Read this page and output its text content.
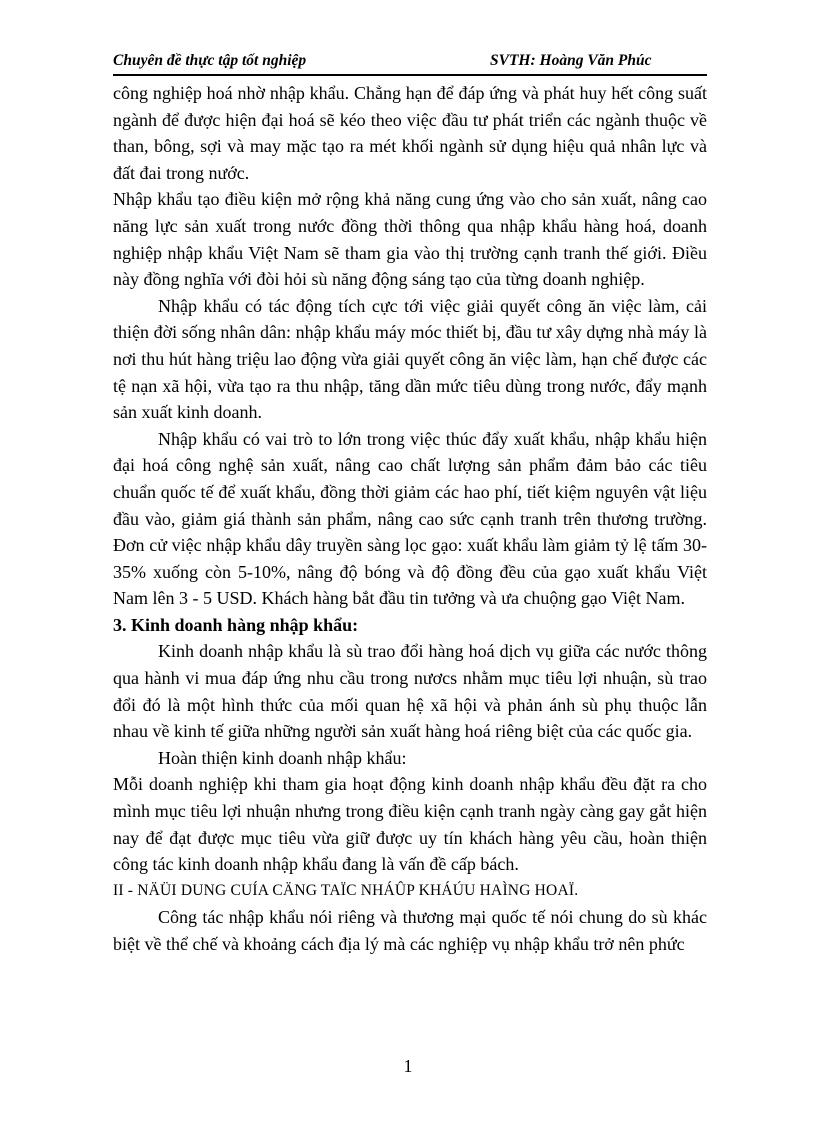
Chuyên đề thực tập tốt nghiệp	SVTH: Hoàng Văn Phúc

công nghiệp hoá nhờ nhập khẩu. Chẳng hạn để đáp ứng và phát huy hết công suất ngành để được hiện đại hoá sẽ kéo theo việc đầu tư phát triển các ngành thuộc về than, bông, sợi và may mặc tạo ra mét khối ngành sử dụng hiệu quả nhân lực và đất đai trong nước.

Nhập khẩu tạo điều kiện mở rộng khả năng cung ứng vào cho sản xuất, nâng cao năng lực sản xuất trong nước đồng thời thông qua nhập khẩu hàng hoá, doanh nghiệp nhập khẩu Việt Nam sẽ tham gia vào thị trường cạnh tranh thế giới. Điều này đồng nghĩa với đòi hỏi sù năng động sáng tạo của từng doanh nghiệp.

Nhập khẩu có tác động tích cực tới việc giải quyết công ăn việc làm, cải thiện đời sống nhân dân: nhập khẩu máy móc thiết bị, đầu tư xây dựng nhà máy là nơi thu hút hàng triệu lao động vừa giải quyết công ăn việc làm, hạn chế được các tệ nạn xã hội, vừa tạo ra thu nhập, tăng dần mức tiêu dùng trong nước, đẩy mạnh sản xuất kinh doanh.

Nhập khẩu có vai trò to lớn trong việc thúc đẩy xuất khẩu, nhập khẩu hiện đại hoá công nghệ sản xuất, nâng cao chất lượng sản phẩm đảm bảo các tiêu chuẩn quốc tế để xuất khẩu, đồng thời giảm các hao phí, tiết kiệm nguyên vật liệu đầu vào, giảm giá thành sản phẩm, nâng cao sức cạnh tranh trên thương trường. Đơn cử việc nhập khẩu dây truyền sàng lọc gạo: xuất khẩu làm giảm tỷ lệ tấm 30-35% xuống còn 5-10%, nâng độ bóng và độ đồng đều của gạo xuất khẩu Việt Nam lên 3 - 5 USD. Khách hàng bắt đầu tin tưởng và ưa chuộng gạo Việt Nam.

3. Kinh doanh hàng nhập khẩu:

Kinh doanh nhập khẩu là sù trao đổi hàng hoá dịch vụ giữa các nước thông qua hành vi mua đáp ứng nhu cầu trong nươcs nhằm mục tiêu lợi nhuận, sù trao đổi đó là một hình thức của mối quan hệ xã hội và phản ánh sù phụ thuộc lẫn nhau về kinh tế giữa những người sản xuất hàng hoá riêng biệt của các quốc gia.

Hoàn thiện kinh doanh nhập khẩu:

Mỗi doanh nghiệp khi tham gia hoạt động kinh doanh nhập khẩu đều đặt ra cho mình mục tiêu lợi nhuận nhưng trong điều kiện cạnh tranh ngày càng gay gắt hiện nay để đạt được mục tiêu vừa giữ được uy tín khách hàng yêu cầu, hoàn thiện công tác kinh doanh nhập khẩu đang là vấn đề cấp bách.

II - NÄÜI DUNG CUÍA CÄNG TAÏC NHÁÛP KHÁÚU HAÌNG HOAÏ.

Công tác nhập khẩu nói riêng và thương mại quốc tế nói chung do sù khác biệt về thể chế và khoảng cách địa lý mà các nghiệp vụ nhập khẩu trở nên phức

1
